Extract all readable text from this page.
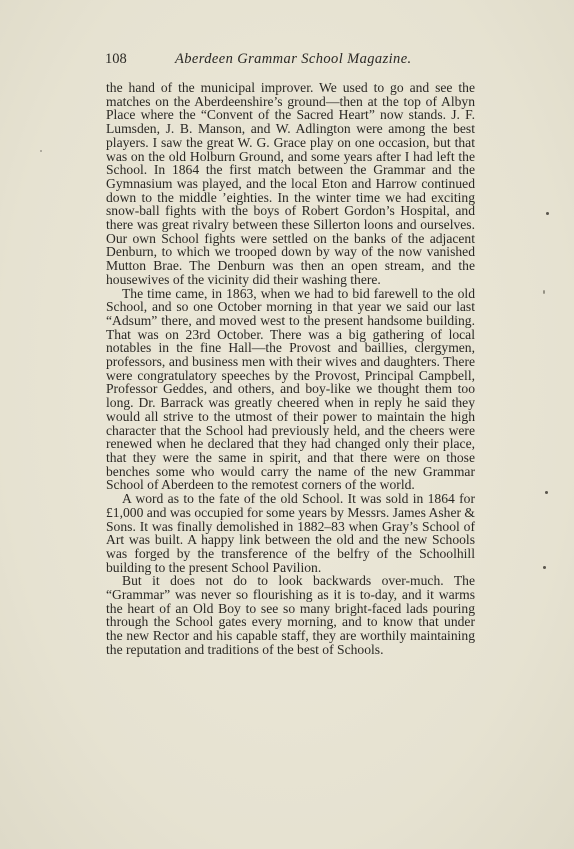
108	Aberdeen Grammar School Magazine.

the hand of the municipal improver. We used to go and see the matches on the Aberdeenshire’s ground—then at the top of Albyn Place where the “Convent of the Sacred Heart” now stands. J. F. Lumsden, J. B. Manson, and W. Adlington were among the best players. I saw the great W. G. Grace play on one occasion, but that was on the old Holburn Ground, and some years after I had left the School. In 1864 the first match between the Grammar and the Gymnasium was played, and the local Eton and Harrow continued down to the middle ’eighties. In the winter time we had exciting snow-ball fights with the boys of Robert Gordon’s Hospital, and there was great rivalry between these Sillerton loons and ourselves. Our own School fights were settled on the banks of the adjacent Denburn, to which we trooped down by way of the now vanished Mutton Brae. The Denburn was then an open stream, and the housewives of the vicinity did their washing there.

The time came, in 1863, when we had to bid farewell to the old School, and so one October morning in that year we said our last “Adsum” there, and moved west to the present handsome building. That was on 23rd October. There was a big gathering of local notables in the fine Hall—the Provost and baillies, clergymen, professors, and business men with their wives and daughters. There were congratulatory speeches by the Provost, Principal Campbell, Professor Geddes, and others, and boy-like we thought them too long. Dr. Barrack was greatly cheered when in reply he said they would all strive to the utmost of their power to maintain the high character that the School had previously held, and the cheers were renewed when he declared that they had changed only their place, that they were the same in spirit, and that there were on those benches some who would carry the name of the new Grammar School of Aberdeen to the remotest corners of the world.

A word as to the fate of the old School. It was sold in 1864 for £1,000 and was occupied for some years by Messrs. James Asher & Sons. It was finally demolished in 1882–83 when Gray’s School of Art was built. A happy link between the old and the new Schools was forged by the transference of the belfry of the Schoolhill building to the present School Pavilion.

But it does not do to look backwards over-much. The “Grammar” was never so flourishing as it is to-day, and it warms the heart of an Old Boy to see so many bright-faced lads pouring through the School gates every morning, and to know that under the new Rector and his capable staff, they are worthily maintaining the reputation and traditions of the best of Schools.
